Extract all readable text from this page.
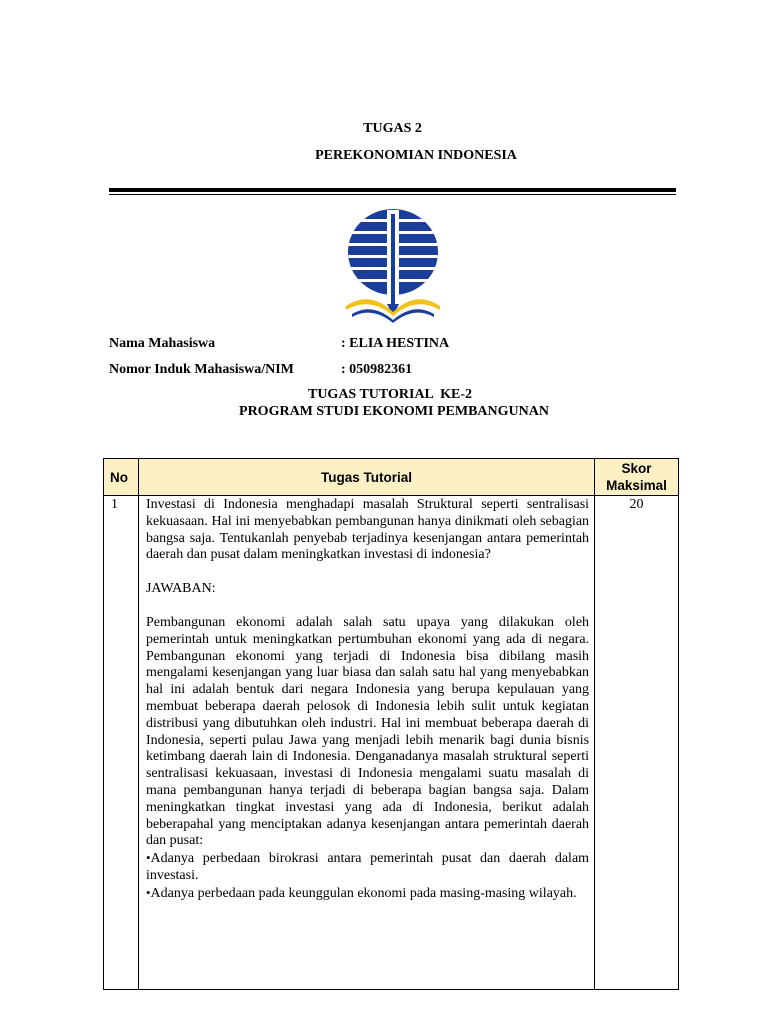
TUGAS 2
PEREKONOMIAN INDONESIA
Nama Mahasiswa	: ELIA HESTINA
Nomor Induk Mahasiswa/NIM	: 050982361
TUGAS TUTORIAL  KE-2
PROGRAM STUDI EKONOMI PEMBANGUNAN
No	Tugas Tutorial	Skor
Maksimal
1	Investasi di Indonesia menghadapi masalah Struktural seperti sentralisasi kekuasaan. Hal ini menyebabkan pembangunan hanya dinikmati oleh sebagian bangsa saja. Tentukanlah penyebab terjadinya kesenjangan antara pemerintah daerah dan pusat dalam meningkatkan investasi di indonesia?
JAWABAN:
Pembangunan ekonomi adalah salah satu upaya yang dilakukan oleh pemerintah untuk meningkatkan pertumbuhan ekonomi yang ada di negara. Pembangunan ekonomi yang terjadi di Indonesia bisa dibilang masih mengalami kesenjangan yang luar biasa dan salah satu hal yang menyebabkan hal ini adalah bentuk dari negara Indonesia yang berupa kepulauan yang membuat beberapa daerah pelosok di Indonesia lebih sulit untuk kegiatan distribusi yang dibutuhkan oleh industri. Hal ini membuat beberapa daerah di Indonesia, seperti pulau Jawa yang menjadi lebih menarik bagi dunia bisnis ketimbang daerah lain di Indonesia. Denganadanya masalah struktural seperti sentralisasi kekuasaan, investasi di Indonesia mengalami suatu masalah di mana pembangunan hanya terjadi di beberapa bagian bangsa saja. Dalam meningkatkan tingkat investasi yang ada di Indonesia, berikut adalah beberapahal yang menciptakan adanya kesenjangan antara pemerintah daerah dan pusat:
•Adanya perbedaan birokrasi antara pemerintah pusat dan daerah dalam investasi.
•Adanya perbedaan pada keunggulan ekonomi pada masing-masing wilayah.	20
